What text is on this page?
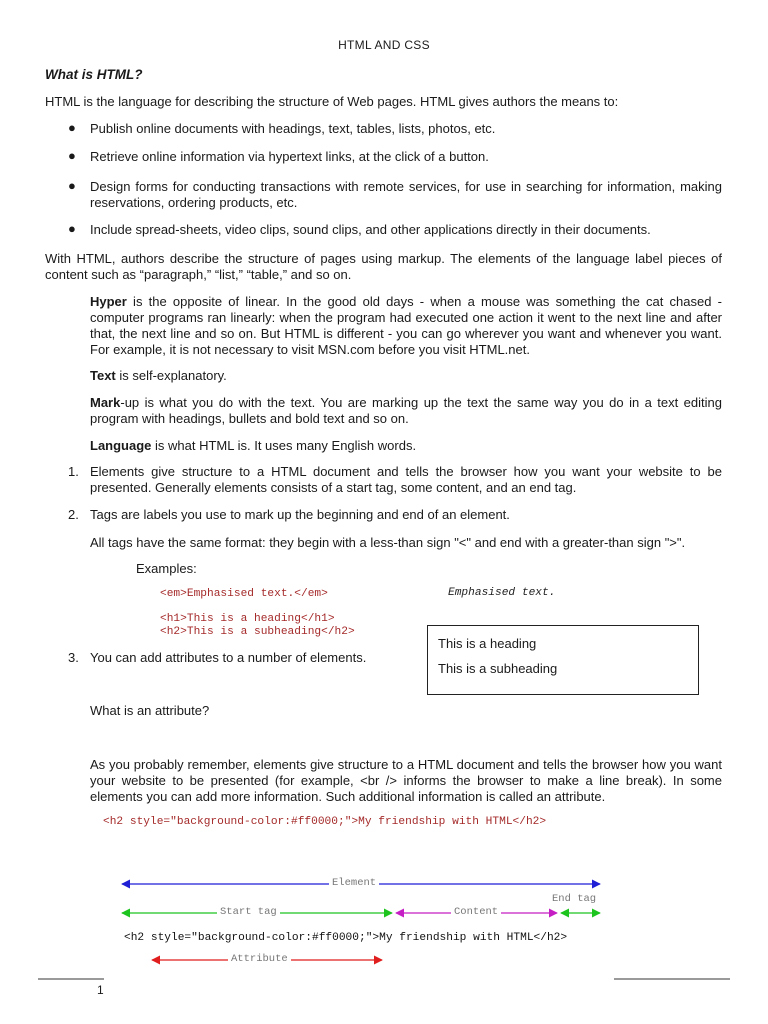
HTML AND CSS
What is HTML?

HTML is the language for describing the structure of Web pages. HTML gives authors the means to:

● Publish online documents with headings, text, tables, lists, photos, etc.

● Retrieve online information via hypertext links, at the click of a button.

● Design forms for conducting transactions with remote services, for use in searching for information, making reservations, ordering products, etc.

● Include spread-sheets, video clips, sound clips, and other applications directly in their documents.

With HTML, authors describe the structure of pages using markup. The elements of the language label pieces of content such as “paragraph,” “list,” “table,” and so on.

Hyper is the opposite of linear. In the good old days - when a mouse was something the cat chased - computer programs ran linearly: when the program had executed one action it went to the next line and after that, the next line and so on. But HTML is different - you can go wherever you want and whenever you want. For example, it is not necessary to visit MSN.com before you visit HTML.net.

Text is self-explanatory.

Mark-up is what you do with the text. You are marking up the text the same way you do in a text editing program with headings, bullets and bold text and so on.

Language is what HTML is. It uses many English words.

1. Elements give structure to a HTML document and tells the browser how you want your website to be presented. Generally elements consists of a start tag, some content, and an end tag.

2. Tags are labels you use to mark up the beginning and end of an element.

All tags have the same format: they begin with a less-than sign "<" and end with a greater-than sign ">".

Examples:

<em>Emphasised text.</em>	Emphasised text.
<h1>This is a heading</h1>
<h2>This is a subheading</h2>
This is a heading
This is a subheading
3. You can add attributes to a number of elements.

What is an attribute?

As you probably remember, elements give structure to a HTML document and tells the browser how you want your website to be presented (for example, <br /> informs the browser to make a line break). In some elements you can add more information. Such additional information is called an attribute.

<h2 style="background-color:#ff0000;">My friendship with HTML</h2>
Element
End tag
Start tag	Content
<h2 style="background-color:#ff0000;">My friendship with HTML</h2>
Attribute
1
